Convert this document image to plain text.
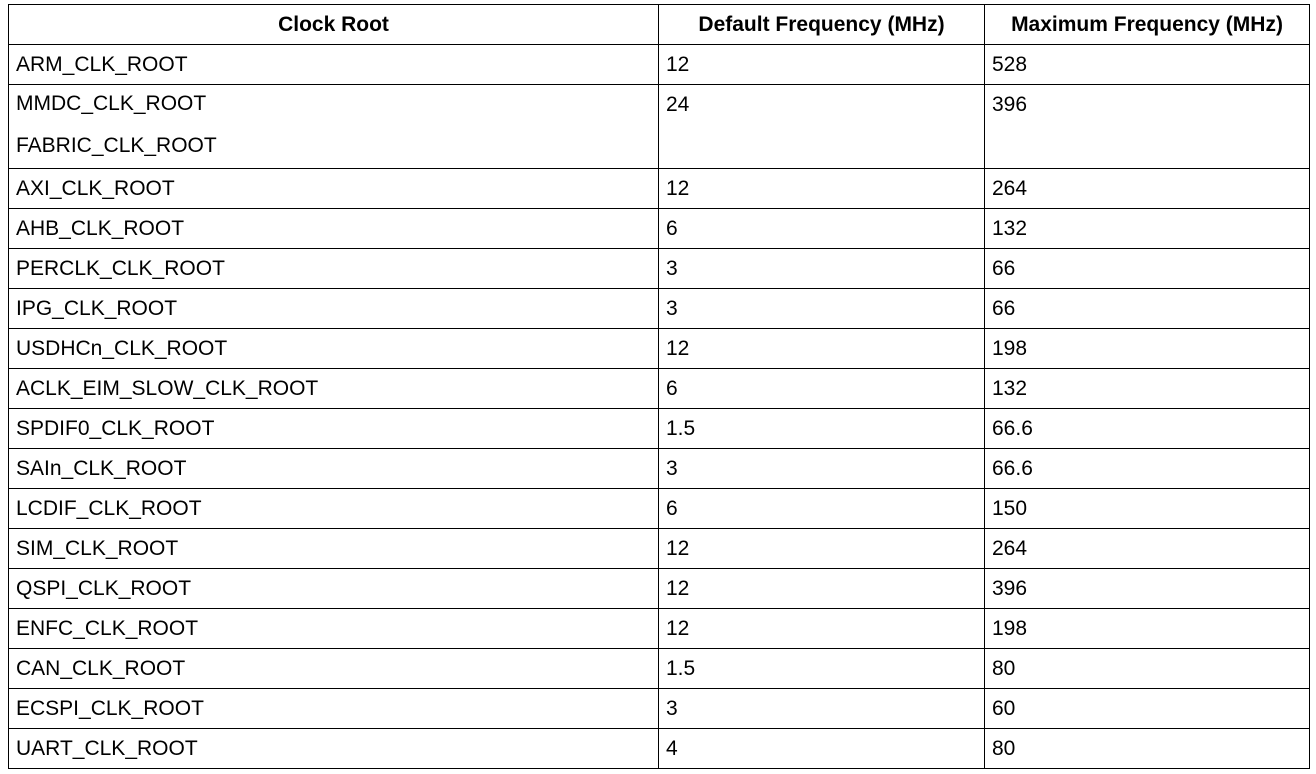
Clock Root	Default Frequency (MHz)	Maximum Frequency (MHz)

ARM_CLK_ROOT	12	528

MMDC_CLK_ROOT
FABRIC_CLK_ROOT	24	396

AXI_CLK_ROOT	12	264

AHB_CLK_ROOT	6	132

PERCLK_CLK_ROOT	3	66

IPG_CLK_ROOT	3	66

USDHCn_CLK_ROOT	12	198

ACLK_EIM_SLOW_CLK_ROOT	6	132

SPDIF0_CLK_ROOT	1.5	66.6

SAIn_CLK_ROOT	3	66.6

LCDIF_CLK_ROOT	6	150

SIM_CLK_ROOT	12	264

QSPI_CLK_ROOT	12	396

ENFC_CLK_ROOT	12	198

CAN_CLK_ROOT	1.5	80

ECSPI_CLK_ROOT	3	60

UART_CLK_ROOT	4	80
